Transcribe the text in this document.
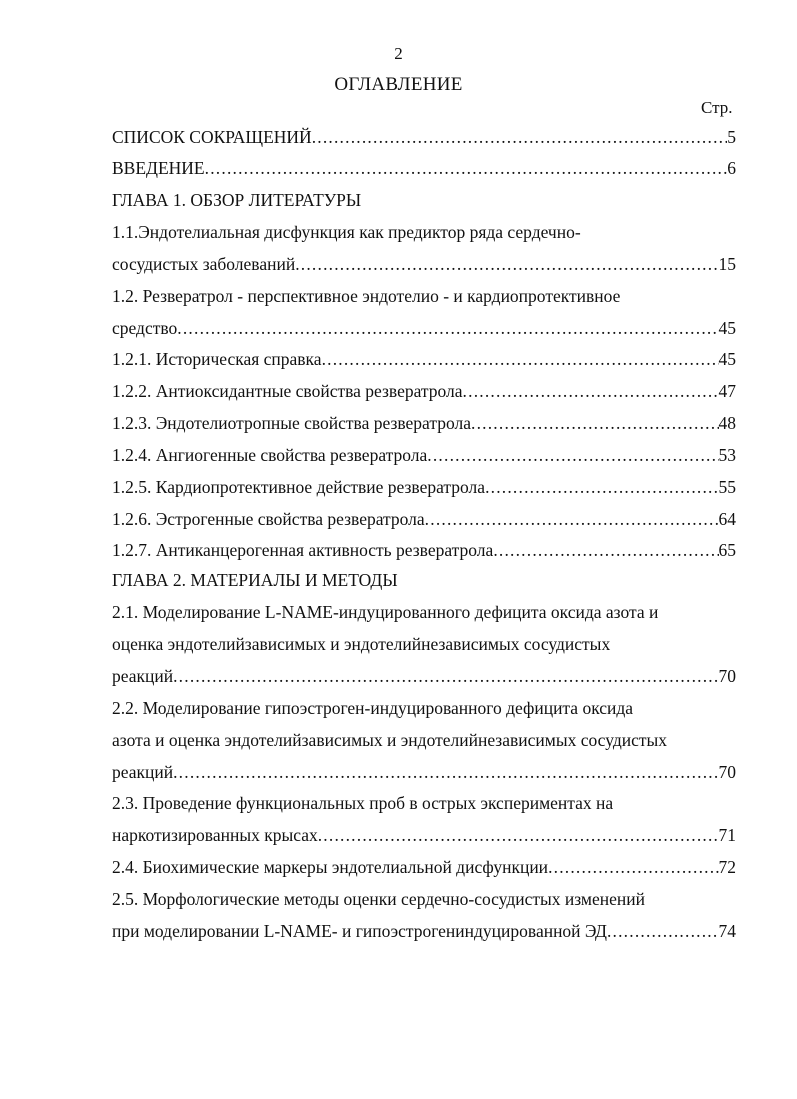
2
ОГЛАВЛЕНИЕ
Стр.
СПИСОК СОКРАЩЕНИЙ .....	5
ВВЕДЕНИЕ .....	6
ГЛАВА 1. ОБЗОР ЛИТЕРАТУРЫ
1.1.Эндотелиальная дисфункция как предиктор ряда сердечно-
сосудистых заболеваний .....	15
1.2. Резвератрол - перспективное эндотелио - и кардиопротективное
средство .....	45
1.2.1. Историческая справка .....	45
1.2.2. Антиоксидантные свойства резвератрола .....	47
1.2.3. Эндотелиотропные свойства резвератрола .....	48
1.2.4. Ангиогенные свойства резвератрола .....	53
1.2.5. Кардиопротективное действие резвератрола .....	55
1.2.6. Эстрогенные свойства резвератрола .....	64
1.2.7. Антиканцерогенная активность резвератрола .....	65
ГЛАВА 2. МАТЕРИАЛЫ И МЕТОДЫ
2.1. Моделирование L-NAME-индуцированного дефицита оксида азота и
оценка эндотелийзависимых и эндотелийнезависимых сосудистых
реакций .....	70
2.2. Моделирование гипоэстроген-индуцированного дефицита оксида
азота и оценка эндотелийзависимых и эндотелийнезависимых сосудистых
реакций .....	70
2.3. Проведение функциональных проб в острых экспериментах на
наркотизированных крысах .....	71
2.4. Биохимические маркеры эндотелиальной дисфункции .....	72
2.5. Морфологические методы оценки сердечно-сосудистых изменений
при моделировании L-NAME- и гипоэстрогениндуцированной ЭД .....	74
